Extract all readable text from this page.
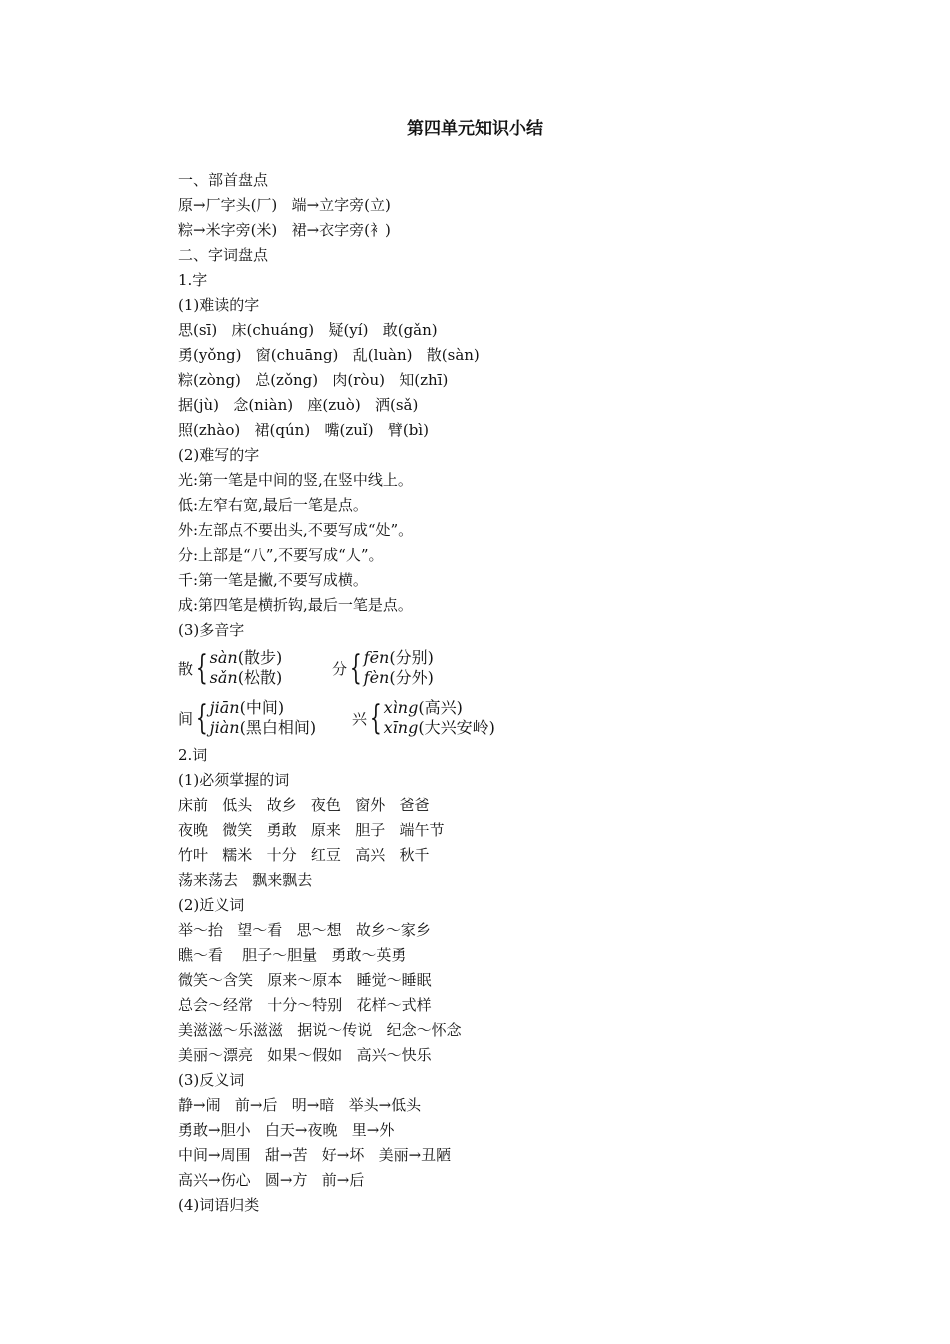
第四单元知识小结
一、部首盘点
原→厂字头(厂)   端→立字旁(立)
粽→米字旁(米)   裙→衣字旁(衤)
二、字词盘点
1.字
(1)难读的字
思(sī)   床(chuáng)   疑(yí)   敢(gǎn)
勇(yǒng)   窗(chuāng)   乱(luàn)   散(sàn)
粽(zòng)   总(zǒng)   肉(ròu)   知(zhī)
据(jù)   念(niàn)   座(zuò)   洒(sǎ)
照(zhào)   裙(qún)   嘴(zuǐ)   臂(bì)
(2)难写的字
光:第一笔是中间的竖,在竖中线上。
低:左窄右宽,最后一笔是点。
外:左部点不要出头,不要写成“处”。
分:上部是“八”,不要写成“人”。
千:第一笔是撇,不要写成横。
成:第四笔是横折钩,最后一笔是点。
(3)多音字
散 { sàn(散步)
sǎn(松散)	分 { fēn(分别)
fèn(分外)
间 { jiān(中间)
jiàn(黑白相间) 兴 { xìng(高兴)
xīng(大兴安岭)
2.词
(1)必须掌握的词
床前   低头   故乡   夜色   窗外   爸爸
夜晚   微笑   勇敢   原来   胆子   端午节
竹叶   糯米   十分   红豆   高兴   秋千
荡来荡去   飘来飘去
(2)近义词
举～抬   望～看   思～想   故乡～家乡
瞧～看    胆子～胆量   勇敢～英勇
微笑～含笑   原来～原本   睡觉～睡眠
总会～经常   十分～特别   花样～式样
美滋滋～乐滋滋   据说～传说   纪念～怀念
美丽～漂亮   如果～假如   高兴～快乐
(3)反义词
静→闹   前→后   明→暗   举头→低头
勇敢→胆小   白天→夜晚   里→外
中间→周围   甜→苦   好→坏   美丽→丑陋
高兴→伤心   圆→方   前→后
(4)词语归类
